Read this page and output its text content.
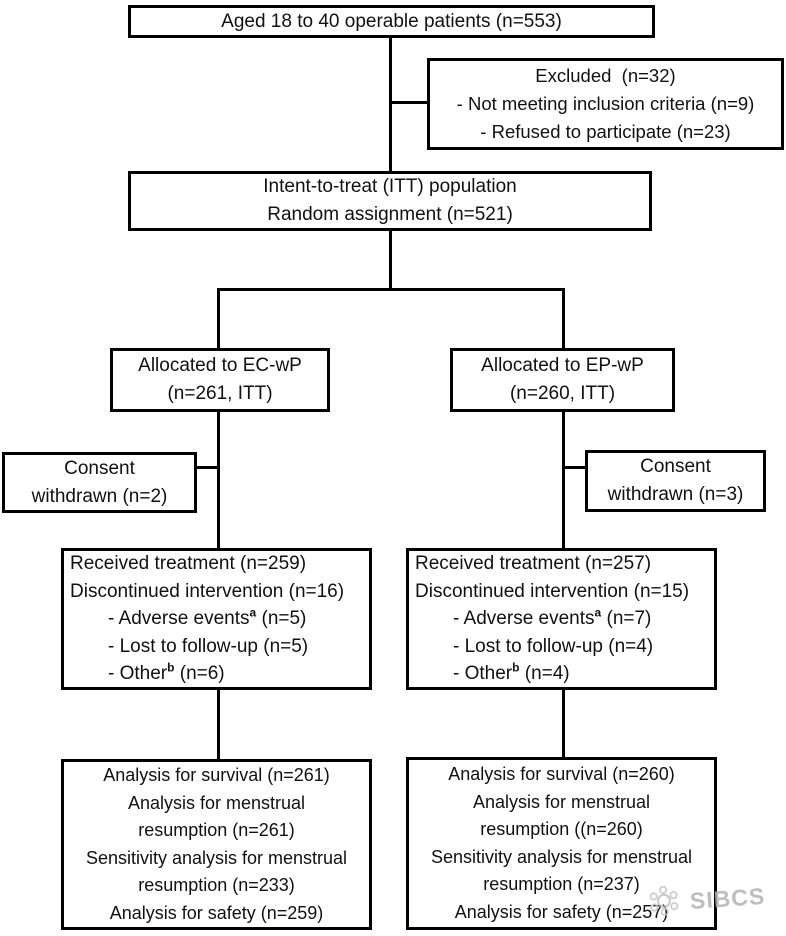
Aged 18 to 40 operable patients (n=553)
Excluded  (n=32)
- Not meeting inclusion criteria (n=9)
- Refused to participate (n=23)
Intent-to-treat (ITT) population
Random assignment (n=521)
Allocated to EC-wP
(n=261, ITT)
Allocated to EP-wP
(n=260, ITT)
Consent
withdrawn (n=2)
Consent
withdrawn (n=3)
Received treatment (n=259)
Discontinued intervention (n=16)
- Adverse events$^a$ (n=5)
- Lost to follow-up (n=5)
- Other$^b$ (n=6)
Received treatment (n=257)
Discontinued intervention (n=15)
- Adverse events$^a$ (n=7)
- Lost to follow-up (n=4)
- Other$^b$ (n=4)
Analysis for survival (n=261)
Analysis for menstrual
resumption (n=261)
Sensitivity analysis for menstrual
resumption (n=233)
Analysis for safety (n=259)
Analysis for survival (n=260)
Analysis for menstrual
resumption ((n=260)
Sensitivity analysis for menstrual
resumption (n=237)
Analysis for safety (n=257) SIBCS
